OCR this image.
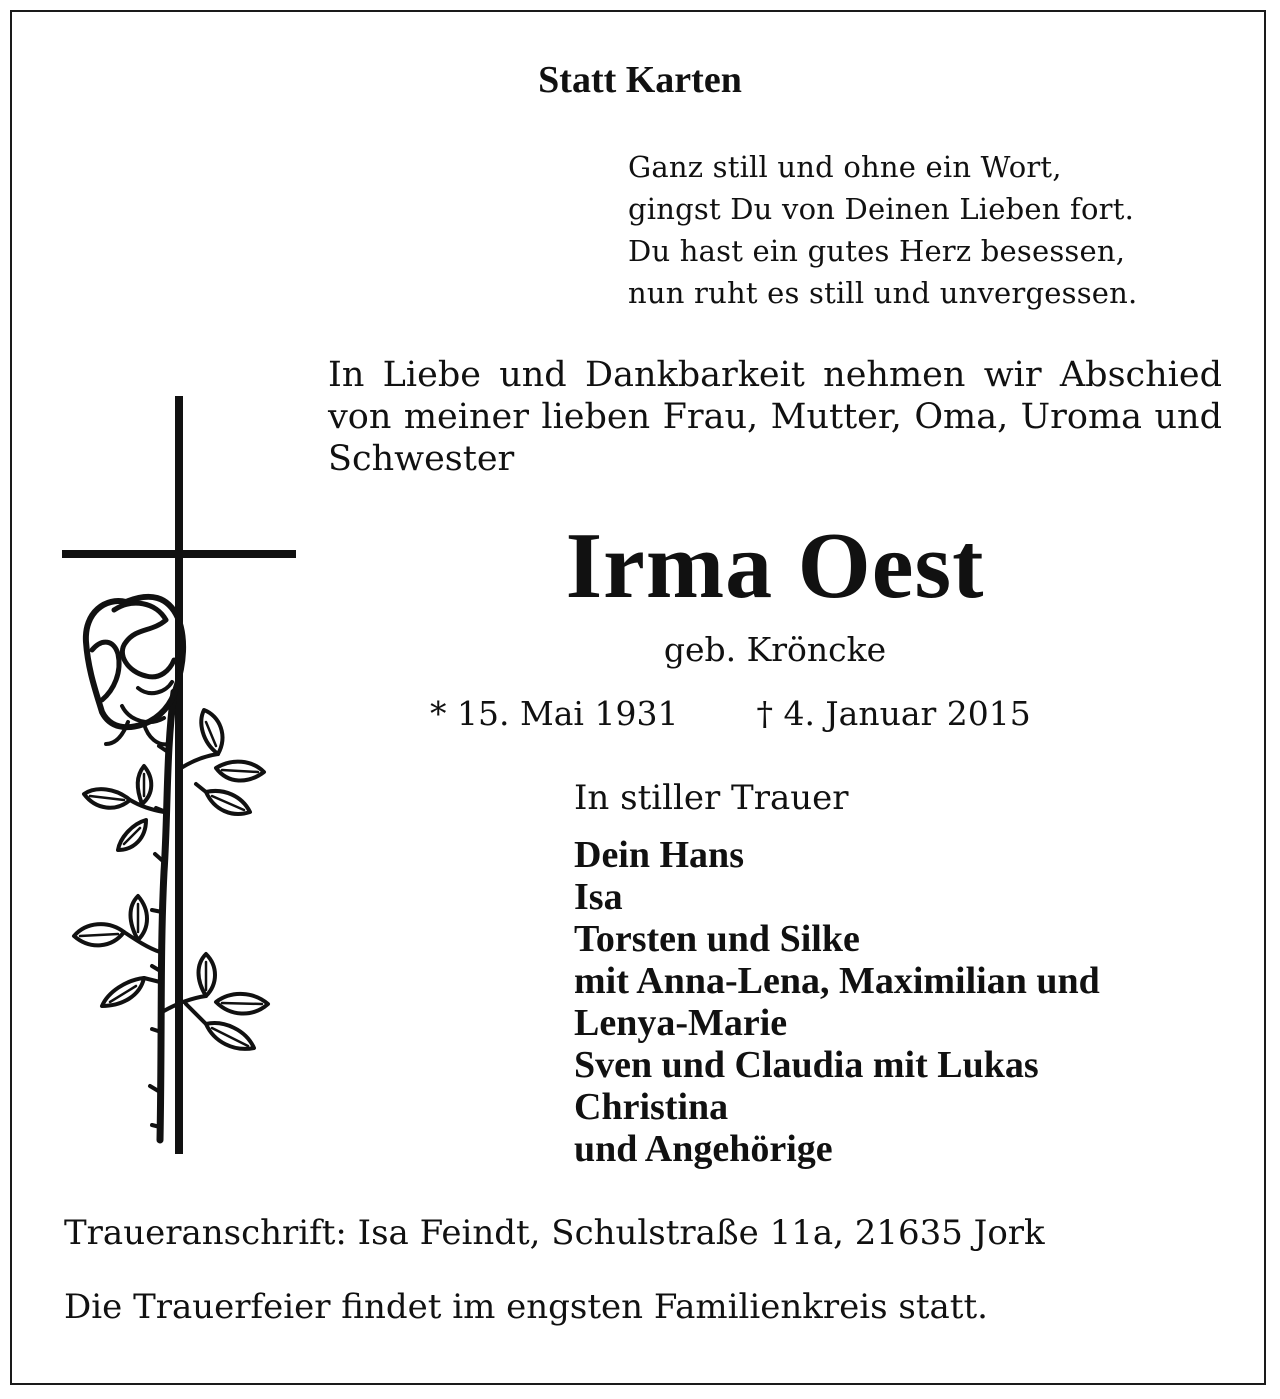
Statt Karten
Ganz still und ohne ein Wort,
gingst Du von Deinen Lieben fort.
Du hast ein gutes Herz besessen,
nun ruht es still und unvergessen.
In Liebe und Dankbarkeit nehmen wir Abschied von meiner lieben Frau, Mutter, Oma, Uroma und Schwester
Irma Oest
geb. Kröncke
* 15. Mai 1931 † 4. Januar 2015
In stiller Trauer
Dein Hans
Isa
Torsten und Silke
mit Anna-Lena, Maximilian und
Lenya-Marie
Sven und Claudia mit Lukas
Christina
und Angehörige
Traueranschrift: Isa Feindt, Schulstraße 11a, 21635 Jork
Die Trauerfeier findet im engsten Familienkreis statt.
